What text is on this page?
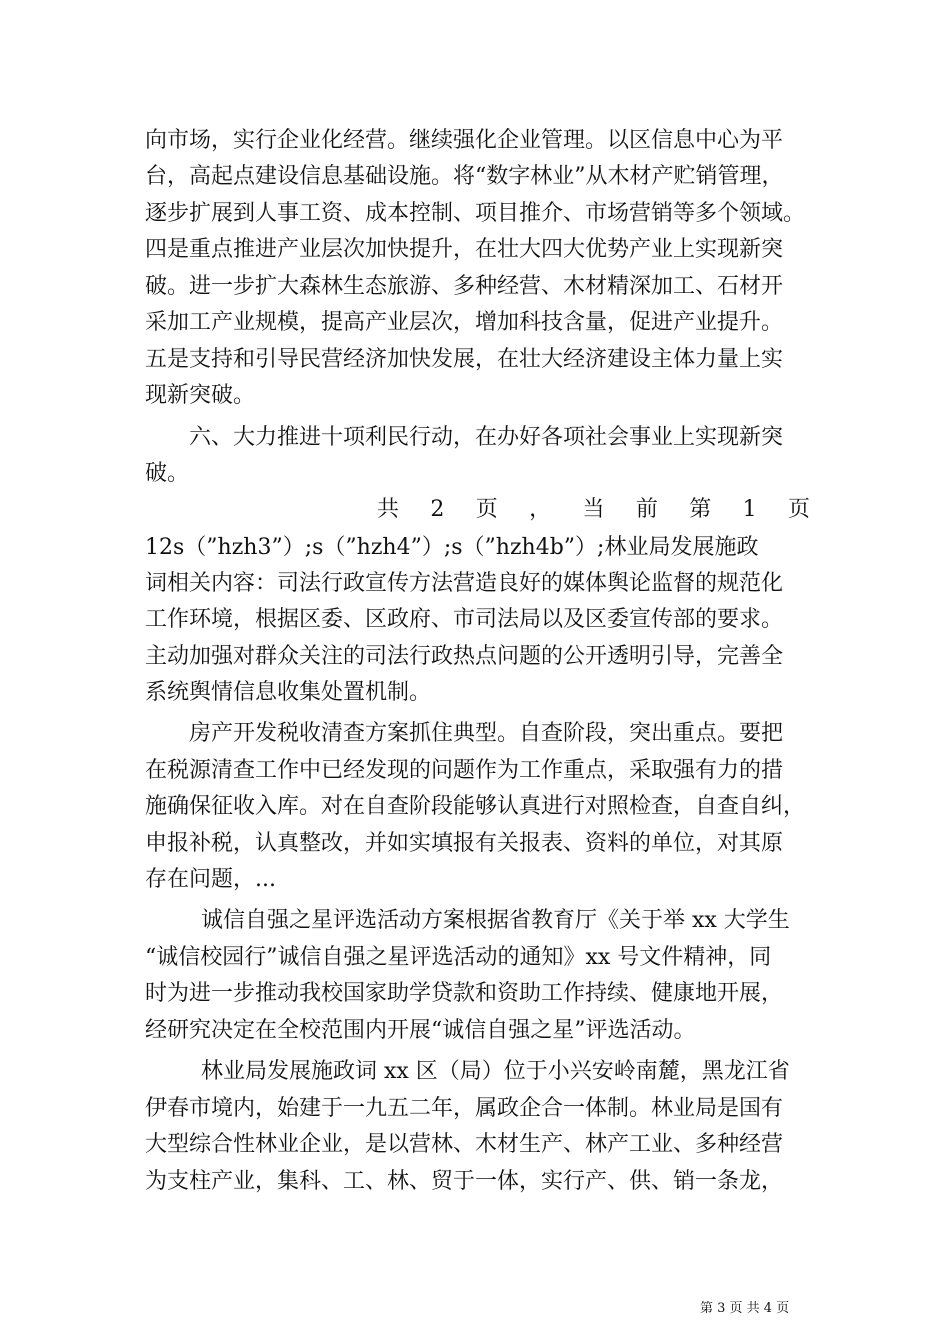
向市场，实行企业化经营。继续强化企业管理。以区信息中心为平
台，高起点建设信息基础设施。将“数字林业”从木材产贮销管理，
逐步扩展到人事工资、成本控制、项目推介、市场营销等多个领域。
四是重点推进产业层次加快提升，在壮大四大优势产业上实现新突
破。进一步扩大森林生态旅游、多种经营、木材精深加工、石材开
采加工产业规模，提高产业层次，增加科技含量，促进产业提升。
五是支持和引导民营经济加快发展，在壮大经济建设主体力量上实
现新突破。
六、大力推进十项利民行动，在办好各项社会事业上实现新突
破。
共 2 页 ， 当 前 第 1 页
12s（”hzh3”）;s（”hzh4”）;s（”hzh4b”）;林业局发展施政
词相关内容：司法行政宣传方法营造良好的媒体舆论监督的规范化
工作环境，根据区委、区政府、市司法局以及区委宣传部的要求。
主动加强对群众关注的司法行政热点问题的公开透明引导，完善全
系统舆情信息收集处置机制。
房产开发税收清查方案抓住典型。自查阶段，突出重点。要把
在税源清查工作中已经发现的问题作为工作重点，采取强有力的措
施确保征收入库。对在自查阶段能够认真进行对照检查，自查自纠，
申报补税，认真整改，并如实填报有关报表、资料的单位，对其原
存在问题，...
诚信自强之星评选活动方案根据省教育厅《关于举 xx 大学生
“诚信校园行”诚信自强之星评选活动的通知》xx 号文件精神，同
时为进一步推动我校国家助学贷款和资助工作持续、健康地开展，
经研究决定在全校范围内开展“诚信自强之星”评选活动。
林业局发展施政词 xx 区（局）位于小兴安岭南麓，黑龙江省
伊春市境内，始建于一九五二年，属政企合一体制。林业局是国有
大型综合性林业企业，是以营林、木材生产、林产工业、多种经营
为支柱产业，集科、工、林、贸于一体，实行产、供、销一条龙，
第 3 页 共 4 页
